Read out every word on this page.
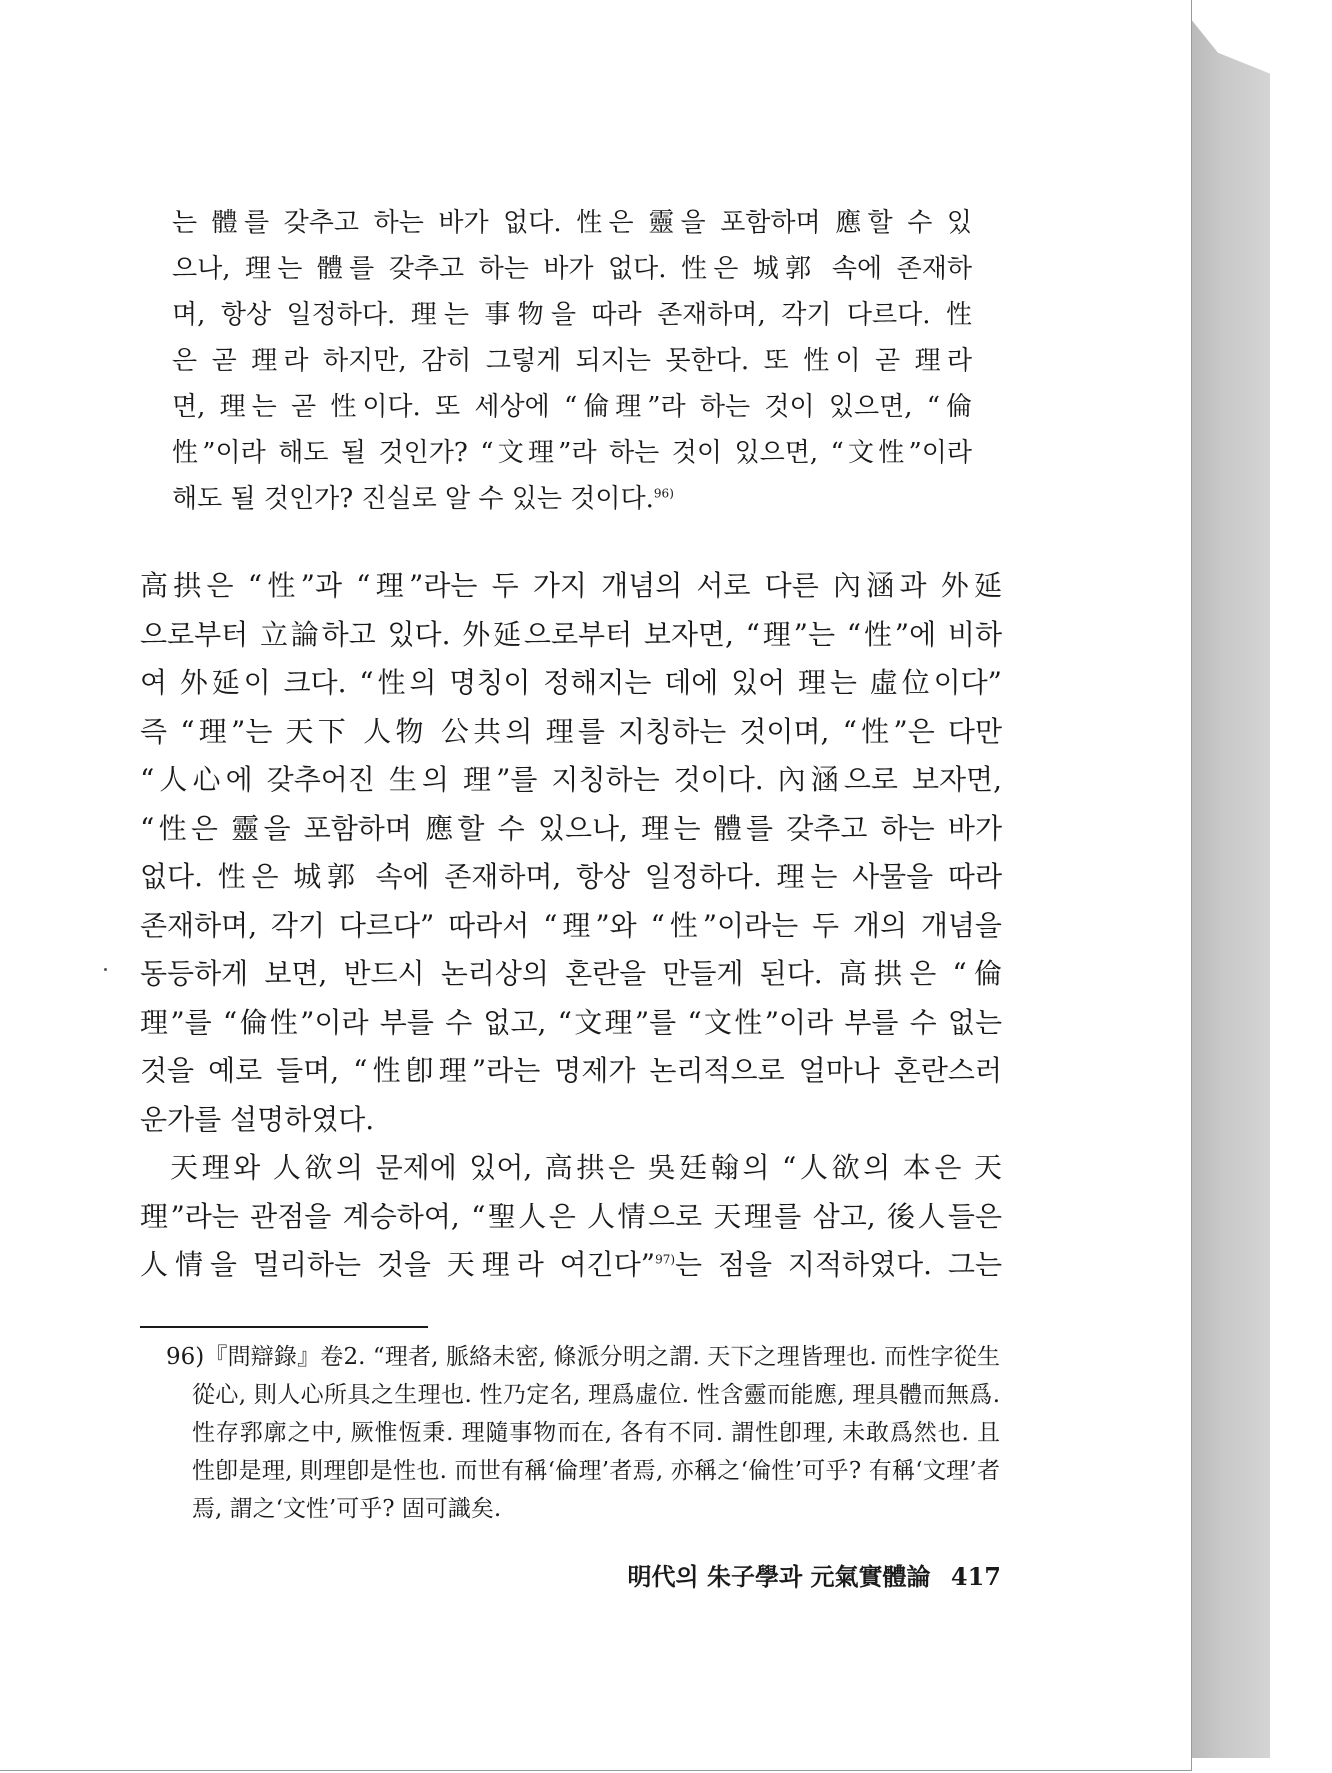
는 體를 갖추고 하는 바가 없다. 性은 靈을 포함하며 應할 수 있
으나, 理는 體를 갖추고 하는 바가 없다. 性은 城郭 속에 존재하
며, 항상 일정하다. 理는 事物을 따라 존재하며, 각기 다르다. 性
은 곧 理라 하지만, 감히 그렇게 되지는 못한다. 또 性이 곧 理라
면, 理는 곧 性이다. 또 세상에 “倫理”라 하는 것이 있으면, “倫
性”이라 해도 될 것인가? “文理”라 하는 것이 있으면, “文性”이라
해도 될 것인가? 진실로 알 수 있는 것이다.$^{96)}$
高拱은 “性”과 “理”라는 두 가지 개념의 서로 다른 內涵과 外延
으로부터 立論하고 있다. 外延으로부터 보자면, “理”는 “性”에 비하
여 外延이 크다. “性의 명칭이 정해지는 데에 있어 理는 虛位이다”
즉 “理”는 天下 人物 公共의 理를 지칭하는 것이며, “性”은 다만
“人心에 갖추어진 生의 理”를 지칭하는 것이다. 內涵으로 보자면,
“性은 靈을 포함하며 應할 수 있으나, 理는 體를 갖추고 하는 바가
없다. 性은 城郭 속에 존재하며, 항상 일정하다. 理는 사물을 따라
존재하며, 각기 다르다” 따라서 “理”와 “性”이라는 두 개의 개념을
동등하게 보면, 반드시 논리상의 혼란을 만들게 된다. 高拱은 “倫
理”를 “倫性”이라 부를 수 없고, “文理”를 “文性”이라 부를 수 없는
것을 예로 들며, “性卽理”라는 명제가 논리적으로 얼마나 혼란스러
운가를 설명하였다.
天理와 人欲의 문제에 있어, 高拱은 吳廷翰의 “人欲의 本은 天
理”라는 관점을 계승하여, “聖人은 人情으로 天理를 삼고, 後人들은
人情을 멀리하는 것을 天理라 여긴다”$^{97)}$는 점을 지적하였다. 그는
96)『問辯錄』卷2. “理者, 脈絡未密, 條派分明之謂. 天下之理皆理也. 而性字從生
從心, 則人心所具之生理也. 性乃定名, 理爲虛位. 性含靈而能應, 理具體而無爲.
性存郛廓之中, 厥惟恆秉. 理隨事物而在, 各有不同. 謂性卽理, 未敢爲然也. 且
性卽是理, 則理卽是性也. 而世有稱‘倫理’者焉, 亦稱之‘倫性’可乎? 有稱‘文理’者
焉, 謂之‘文性’可乎? 固可識矣.
明代의 朱子學과 元氣實體論 417
